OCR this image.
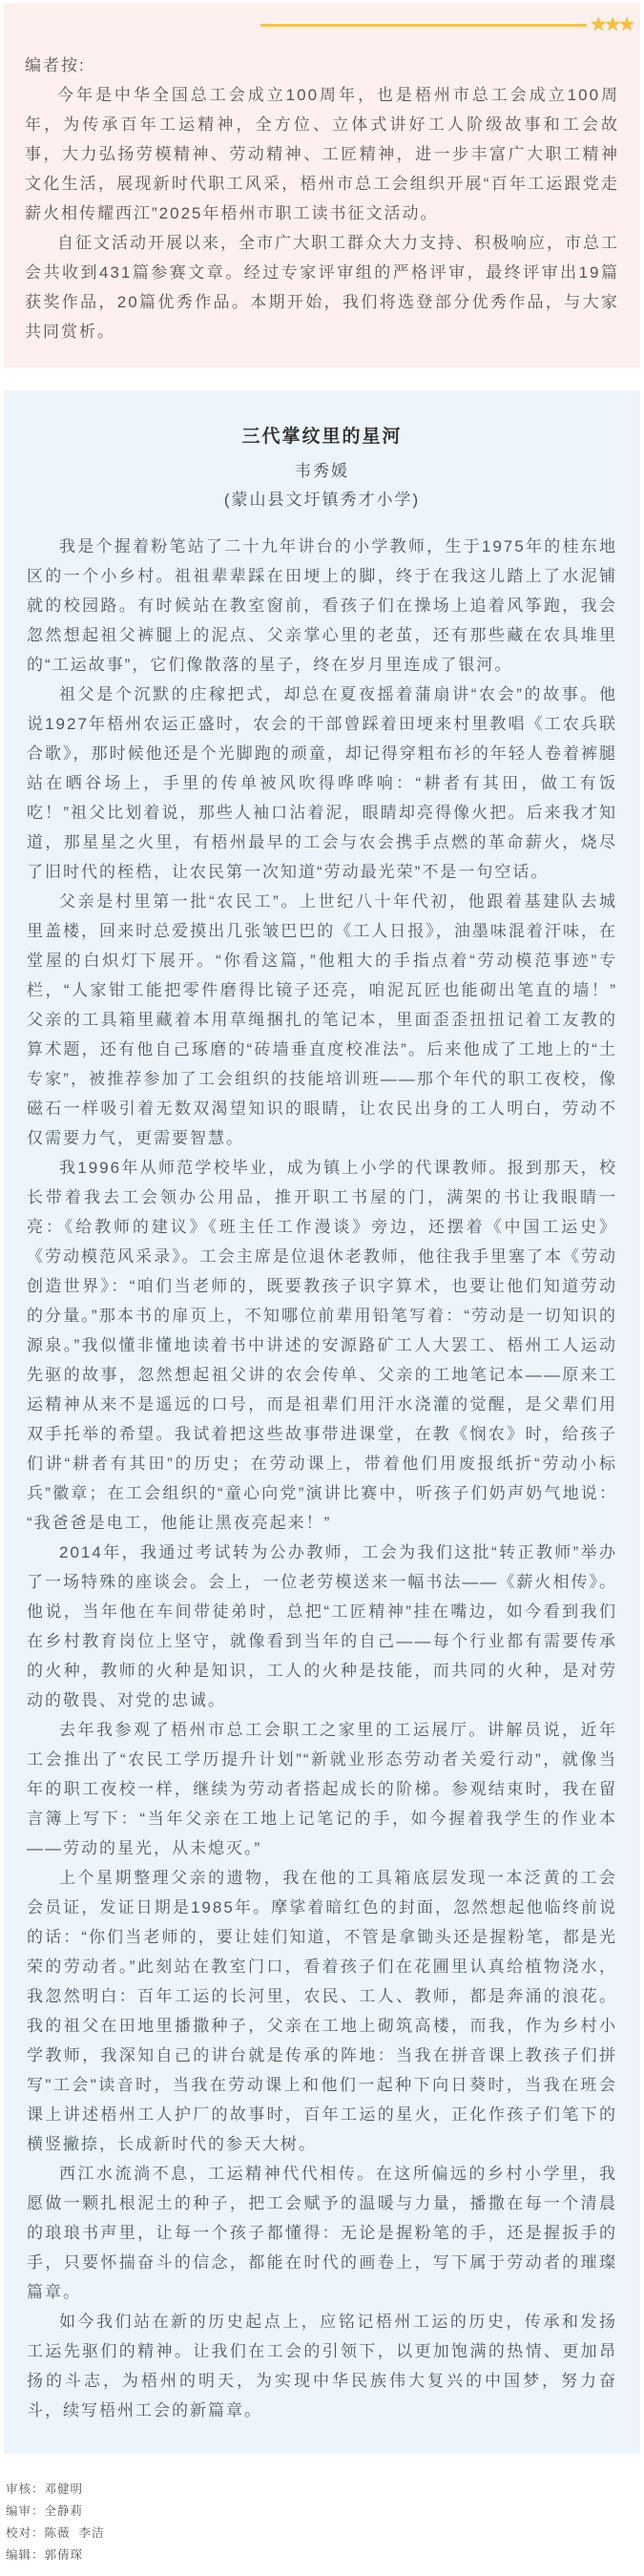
★★★
编者按:

今年是中华全国总工会成立100周年，也是梧州市总工会成立100周年，为传承百年工运精神，全方位、立体式讲好工人阶级故事和工会故事，大力弘扬劳模精神、劳动精神、工匠精神，进一步丰富广大职工精神文化生活，展现新时代职工风采，梧州市总工会组织开展“百年工运跟党走 薪火相传耀西江”2025年梧州市职工读书征文活动。

自征文活动开展以来，全市广大职工群众大力支持、积极响应，市总工会共收到431篇参赛文章。经过专家评审组的严格评审，最终评审出19篇获奖作品，20篇优秀作品。本期开始，我们将选登部分优秀作品，与大家共同赏析。

三代掌纹里的星河
韦秀媛
(蒙山县文圩镇秀才小学)

我是个握着粉笔站了二十九年讲台的小学教师，生于1975年的桂东地区的一个小乡村。祖祖辈辈踩在田埂上的脚，终于在我这儿踏上了水泥铺就的校园路。有时候站在教室窗前，看孩子们在操场上追着风筝跑，我会忽然想起祖父裤腿上的泥点、父亲掌心里的老茧，还有那些藏在农具堆里的“工运故事”，它们像散落的星子，终在岁月里连成了银河。

祖父是个沉默的庄稼把式，却总在夏夜摇着蒲扇讲“农会”的故事。他说1927年梧州农运正盛时，农会的干部曾踩着田埂来村里教唱《工农兵联合歌》，那时候他还是个光脚跑的顽童，却记得穿粗布衫的年轻人卷着裤腿站在晒谷场上，手里的传单被风吹得哗哗响：“耕者有其田，做工有饭吃！”祖父比划着说，那些人袖口沾着泥，眼睛却亮得像火把。后来我才知道，那星星之火里，有梧州最早的工会与农会携手点燃的革命薪火，烧尽了旧时代的桎梏，让农民第一次知道“劳动最光荣”不是一句空话。

父亲是村里第一批“农民工”。上世纪八十年代初，他跟着基建队去城里盖楼，回来时总爱摸出几张皱巴巴的《工人日报》，油墨味混着汗味，在堂屋的白炽灯下展开。“你看这篇，”他粗大的手指点着“劳动模范事迹”专栏，“人家钳工能把零件磨得比镜子还亮，咱泥瓦匠也能砌出笔直的墙！”父亲的工具箱里藏着本用草绳捆扎的笔记本，里面歪歪扭扭记着工友教的算术题，还有他自己琢磨的“砖墙垂直度校准法”。后来他成了工地上的“土专家”，被推荐参加了工会组织的技能培训班——那个年代的职工夜校，像磁石一样吸引着无数双渴望知识的眼睛，让农民出身的工人明白，劳动不仅需要力气，更需要智慧。

我1996年从师范学校毕业，成为镇上小学的代课教师。报到那天，校长带着我去工会领办公用品，推开职工书屋的门，满架的书让我眼睛一亮：《给教师的建议》《班主任工作漫谈》旁边，还摆着《中国工运史》《劳动模范风采录》。工会主席是位退休老教师，他往我手里塞了本《劳动创造世界》：“咱们当老师的，既要教孩子识字算术，也要让他们知道劳动的分量。”那本书的扉页上，不知哪位前辈用铅笔写着：“劳动是一切知识的源泉。”我似懂非懂地读着书中讲述的安源路矿工人大罢工、梧州工人运动先驱的故事，忽然想起祖父讲的农会传单、父亲的工地笔记本——原来工运精神从来不是遥远的口号，而是祖辈们用汗水浇灌的觉醒，是父辈们用双手托举的希望。我试着把这些故事带进课堂，在教《悯农》时，给孩子们讲“耕者有其田”的历史；在劳动课上，带着他们用废报纸折“劳动小标兵”徽章；在工会组织的“童心向党”演讲比赛中，听孩子们奶声奶气地说：“我爸爸是电工，他能让黑夜亮起来！”

2014年，我通过考试转为公办教师，工会为我们这批“转正教师”举办了一场特殊的座谈会。会上，一位老劳模送来一幅书法——《薪火相传》。他说，当年他在车间带徒弟时，总把“工匠精神”挂在嘴边，如今看到我们在乡村教育岗位上坚守，就像看到当年的自己——每个行业都有需要传承的火种，教师的火种是知识，工人的火种是技能，而共同的火种，是对劳动的敬畏、对党的忠诚。

去年我参观了梧州市总工会职工之家里的工运展厅。讲解员说，近年工会推出了“农民工学历提升计划”“新就业形态劳动者关爱行动”，就像当年的职工夜校一样，继续为劳动者搭起成长的阶梯。参观结束时，我在留言簿上写下：“当年父亲在工地上记笔记的手，如今握着我学生的作业本——劳动的星光，从未熄灭。”

上个星期整理父亲的遗物，我在他的工具箱底层发现一本泛黄的工会会员证，发证日期是1985年。摩挲着暗红色的封面，忽然想起他临终前说的话：“你们当老师的，要让娃们知道，不管是拿锄头还是握粉笔，都是光荣的劳动者。”此刻站在教室门口，看着孩子们在花圃里认真给植物浇水，我忽然明白：百年工运的长河里，农民、工人、教师，都是奔涌的浪花。我的祖父在田地里播撒种子，父亲在工地上砌筑高楼，而我，作为乡村小学教师，我深知自己的讲台就是传承的阵地：当我在拼音课上教孩子们拼写"工会"读音时，当我在劳动课上和他们一起种下向日葵时，当我在班会课上讲述梧州工人护厂的故事时，百年工运的星火，正化作孩子们笔下的横竖撇捺，长成新时代的参天大树。

西江水流淌不息，工运精神代代相传。在这所偏远的乡村小学里，我愿做一颗扎根泥土的种子，把工会赋予的温暖与力量，播撒在每一个清晨的琅琅书声里，让每一个孩子都懂得：无论是握粉笔的手，还是握扳手的手，只要怀揣奋斗的信念，都能在时代的画卷上，写下属于劳动者的璀璨篇章。

如今我们站在新的历史起点上，应铭记梧州工运的历史，传承和发扬工运先驱们的精神。让我们在工会的引领下，以更加饱满的热情、更加昂扬的斗志，为梧州的明天，为实现中华民族伟大复兴的中国梦，努力奋斗，续写梧州工会的新篇章。

审核：邓健明
编审：全静莉
校对：陈薇  李洁
编辑：郭倩琛
